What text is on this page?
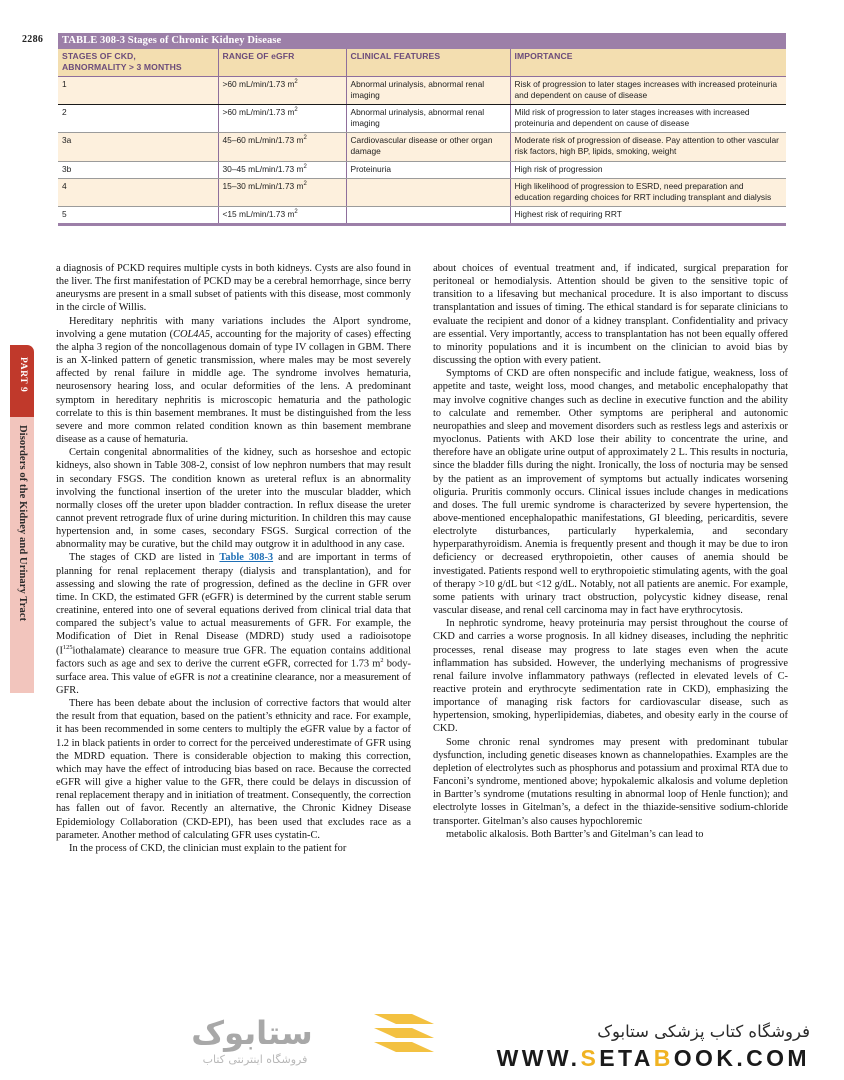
2286
PART 9
Disorders of the Kidney and Urinary Tract
TABLE 308-3 Stages of Chronic Kidney Disease			
STAGES OF CKD,
ABNORMALITY > 3 MONTHS	RANGE OF eGFR	CLINICAL FEATURES	IMPORTANCE
1	>60 mL/min/1.73 $m^2$	Abnormal urinalysis, abnormal renal imaging	Risk of progression to later stages increases with increased proteinuria and dependent on cause of disease
2	>60 mL/min/1.73 $m^2$	Abnormal urinalysis, abnormal renal imaging	Mild risk of progression to later stages increases with increased proteinuria and dependent on cause of disease
3a	45–60 mL/min/1.73 $m^2$	Cardiovascular disease or other organ damage	Moderate risk of progression of disease. Pay attention to other vascular risk factors, high BP, lipids, smoking, weight
3b	30–45 mL/min/1.73 $m^2$	Proteinuria	High risk of progression
4	15–30 mL/min/1.73 $m^2$		High likelihood of progression to ESRD, need preparation and education regarding choices for RRT including transplant and dialysis
5	<15 mL/min/1.73 $m^2$		Highest risk of requiring RRT

a diagnosis of PCKD requires multiple cysts in both kidneys. Cysts are also found in the liver. The first manifestation of PCKD may be a cerebral hemorrhage, since berry aneurysms are present in a small subset of patients with this disease, most commonly in the circle of Willis.

Hereditary nephritis with many variations includes the Alport syndrome, involving a gene mutation (COL4A5, accounting for the majority of cases) effecting the alpha 3 region of the noncollagenous domain of type IV collagen in GBM. There is an X-linked pattern of genetic transmission, where males may be most severely affected by renal failure in middle age. The syndrome involves hematuria, neurosensory hearing loss, and ocular deformities of the lens. A predominant symptom in hereditary nephritis is microscopic hematuria and the pathologic correlate to this is thin basement membranes. It must be distinguished from the less severe and more common related condition known as thin basement membrane disease as a cause of hematuria.

Certain congenital abnormalities of the kidney, such as horseshoe and ectopic kidneys, also shown in Table 308-2, consist of low nephron numbers that may result in secondary FSGS. The condition known as ureteral reflux is an abnormality involving the functional insertion of the ureter into the muscular bladder, which normally closes off the ureter upon bladder contraction. In reflux disease the ureter cannot prevent retrograde flux of urine during micturition. In children this may cause hypertension and, in some cases, secondary FSGS. Surgical correction of the abnormality may be curative, but the child may outgrow it in adulthood in any case.

The stages of CKD are listed in Table 308-3 and are important in terms of planning for renal replacement therapy (dialysis and transplantation), and for assessing and slowing the rate of progression, defined as the decline in GFR over time. In CKD, the estimated GFR (eGFR) is determined by the current stable serum creatinine, entered into one of several equations derived from clinical trial data that compared the subject’s value to actual measurements of GFR. For example, the Modification of Diet in Renal Disease (MDRD) study used a radioisotope $(I^{125}iothalamate)$ clearance to measure true GFR. The equation contains additional factors such as age and sex to derive the current eGFR, corrected for 1.73 $m^2$ body-surface area. This value of eGFR is not a creatinine clearance, nor a measurement of GFR.

There has been debate about the inclusion of corrective factors that would alter the result from that equation, based on the patient’s ethnicity and race. For example, it has been recommended in some centers to multiply the eGFR value by a factor of 1.2 in black patients in order to correct for the perceived underestimate of GFR using the MDRD equation. There is considerable objection to making this correction, which may have the effect of introducing bias based on race. Because the corrected eGFR will give a higher value to the GFR, there could be delays in discussion of renal replacement therapy and in initiation of treatment. Consequently, the correction has fallen out of favor. Recently an alternative, the Chronic Kidney Disease Epidemiology Collaboration (CKD-EPI), has been used that excludes race as a parameter. Another method of calculating GFR uses cystatin-C.

In the process of CKD, the clinician must explain to the patient for

about choices of eventual treatment and, if indicated, surgical preparation for peritoneal or hemodialysis. Attention should be given to the sensitive topic of transition to a lifesaving but mechanical procedure. It is also important to discuss transplantation and issues of timing. The ethical standard is for separate clinicians to evaluate the recipient and donor of a kidney transplant. Confidentiality and privacy are essential. Very importantly, access to transplantation has not been equally offered to minority populations and it is incumbent on the clinician to avoid bias by discussing the option with every patient.

Symptoms of CKD are often nonspecific and include fatigue, weakness, loss of appetite and taste, weight loss, mood changes, and metabolic encephalopathy that may involve cognitive changes such as decline in executive function and the ability to calculate and remember. Other symptoms are peripheral and autonomic neuropathies and sleep and movement disorders such as restless legs and asterixis or myoclonus. Patients with AKD lose their ability to concentrate the urine, and therefore have an obligate urine output of approximately 2 L. This results in nocturia, since the bladder fills during the night. Ironically, the loss of nocturia may be sensed by the patient as an improvement of symptoms but actually indicates worsening oliguria. Pruritis commonly occurs. Clinical issues include changes in medications and doses. The full uremic syndrome is characterized by severe hypertension, the above-mentioned encephalopathic manifestations, GI bleeding, pericarditis, severe electrolyte disturbances, particularly hyperkalemia, and secondary hyperparathyroidism. Anemia is frequently present and though it may be due to iron deficiency or decreased erythropoietin, other causes of anemia should be investigated. Patients respond well to erythropoietic stimulating agents, with the goal of therapy >10 g/dL but <12 g/dL. Notably, not all patients are anemic. For example, some patients with urinary tract obstruction, polycystic kidney disease, renal vascular disease, and renal cell carcinoma may in fact have erythrocytosis.

In nephrotic syndrome, heavy proteinuria may persist throughout the course of CKD and carries a worse prognosis. In all kidney diseases, including the nephritic processes, renal disease may progress to late stages even when the acute inflammation has subsided. However, the underlying mechanisms of progressive renal failure involve inflammatory pathways (reflected in elevated levels of C-reactive protein and erythrocyte sedimentation rate in CKD), emphasizing the importance of managing risk factors for cardiovascular disease, such as hypertension, smoking, hyperlipidemias, diabetes, and obesity early in the course of CKD.

Some chronic renal syndromes may present with predominant tubular dysfunction, including genetic diseases known as channelopathies. Examples are the depletion of electrolytes such as phosphorus and potassium and proximal RTA due to Fanconi’s syndrome, mentioned above; hypokalemic alkalosis and volume depletion in Bartter’s syndrome (mutations resulting in abnormal loop of Henle function); and electrolyte losses in Gitelman’s, a defect in the thiazide-sensitive sodium-chloride transporter. Gitelman’s also causes hypochloremic

metabolic alkalosis. Both Bartter’s and Gitelman’s can lead to

ستابوک
فروشگاه اینترنتی کتاب
فروشگاه کتاب پزشکی ستابوک
WWW.SETABOOK.COM
